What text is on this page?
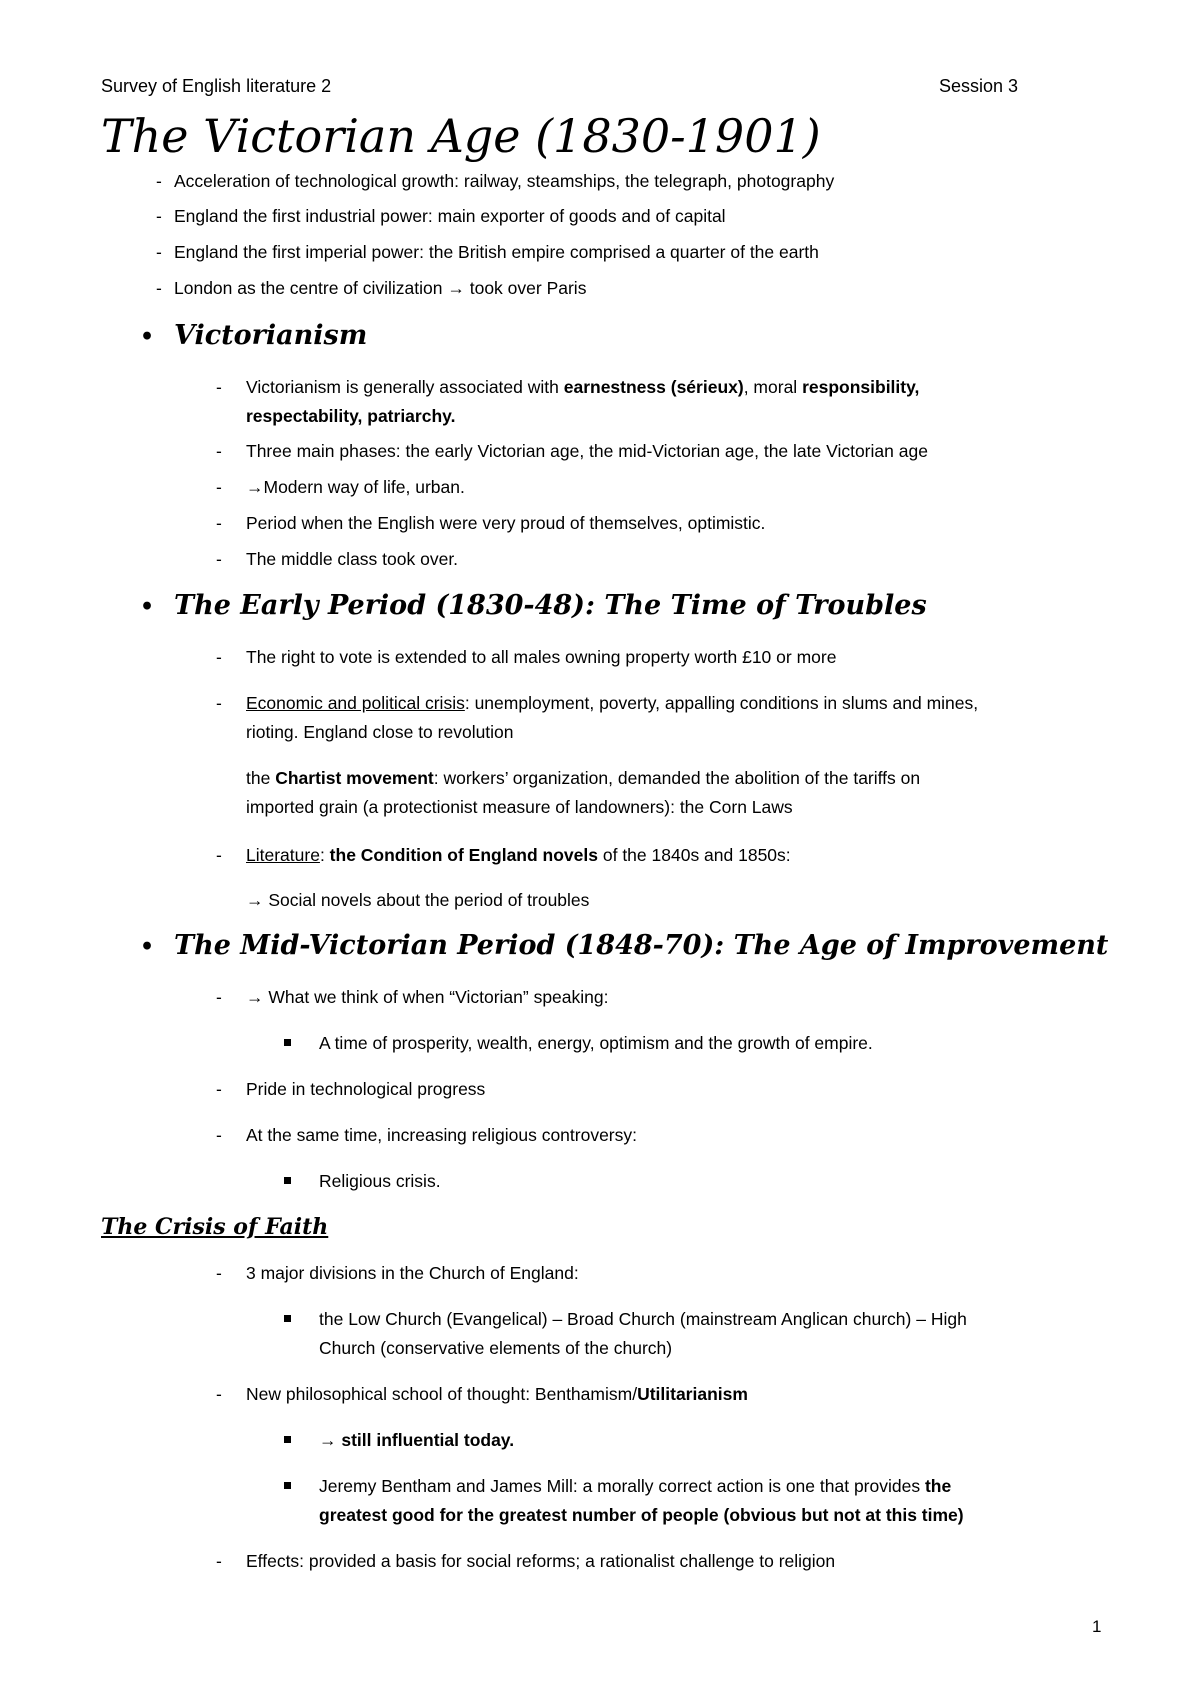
Survey of English literature 2	Session 3
The Victorian Age (1830-1901)
- Acceleration of technological growth: railway, steamships, the telegraph, photography
- England the first industrial power: main exporter of goods and of capital
- England the first imperial power: the British empire comprised a quarter of the earth
- London as the centre of civilization → took over Paris
• Victorianism
- Victorianism is generally associated with earnestness (sérieux), moral responsibility,
respectability, patriarchy.
- Three main phases: the early Victorian age, the mid-Victorian age, the late Victorian age
- →Modern way of life, urban.
- Period when the English were very proud of themselves, optimistic.
- The middle class took over.
• The Early Period (1830-48): The Time of Troubles
- The right to vote is extended to all males owning property worth £10 or more
- Economic and political crisis: unemployment, poverty, appalling conditions in slums and mines,
rioting. England close to revolution
the Chartist movement: workers’ organization, demanded the abolition of the tariffs on
imported grain (a protectionist measure of landowners): the Corn Laws
- Literature: the Condition of England novels of the 1840s and 1850s:
→ Social novels about the period of troubles
• The Mid-Victorian Period (1848-70): The Age of Improvement
- → What we think of when “Victorian” speaking:
A time of prosperity, wealth, energy, optimism and the growth of empire.
- Pride in technological progress
- At the same time, increasing religious controversy:
Religious crisis.
The Crisis of Faith
- 3 major divisions in the Church of England:
the Low Church (Evangelical) – Broad Church (mainstream Anglican church) – High
Church (conservative elements of the church)
- New philosophical school of thought: Benthamism/Utilitarianism
→ still influential today.
Jeremy Bentham and James Mill: a morally correct action is one that provides the
greatest good for the greatest number of people (obvious but not at this time)
- Effects: provided a basis for social reforms; a rationalist challenge to religion
1
